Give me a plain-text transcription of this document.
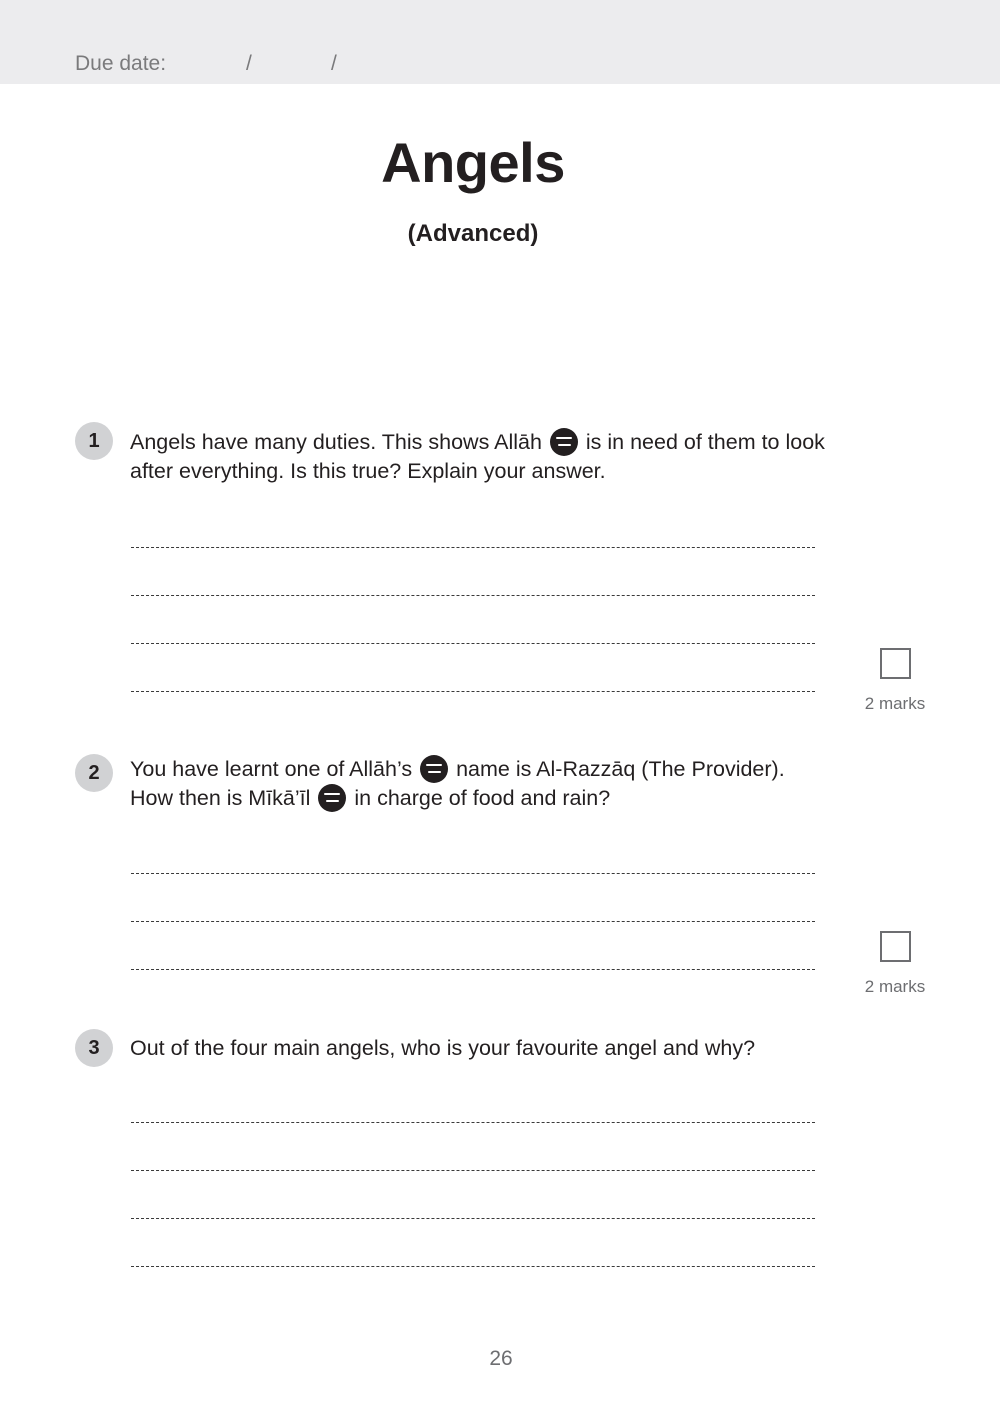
Due date:	/	/
Angels
(Advanced)
1	Angels have many duties. This shows Allāh is in need of them to look after everything. Is this true? Explain your answer.
2 marks
2	You have learnt one of Allāh’s name is Al-Razzāq (The Provider).
How then is Mīkā’īl in charge of food and rain?
2 marks
3	Out of the four main angels, who is your favourite angel and why?
26
